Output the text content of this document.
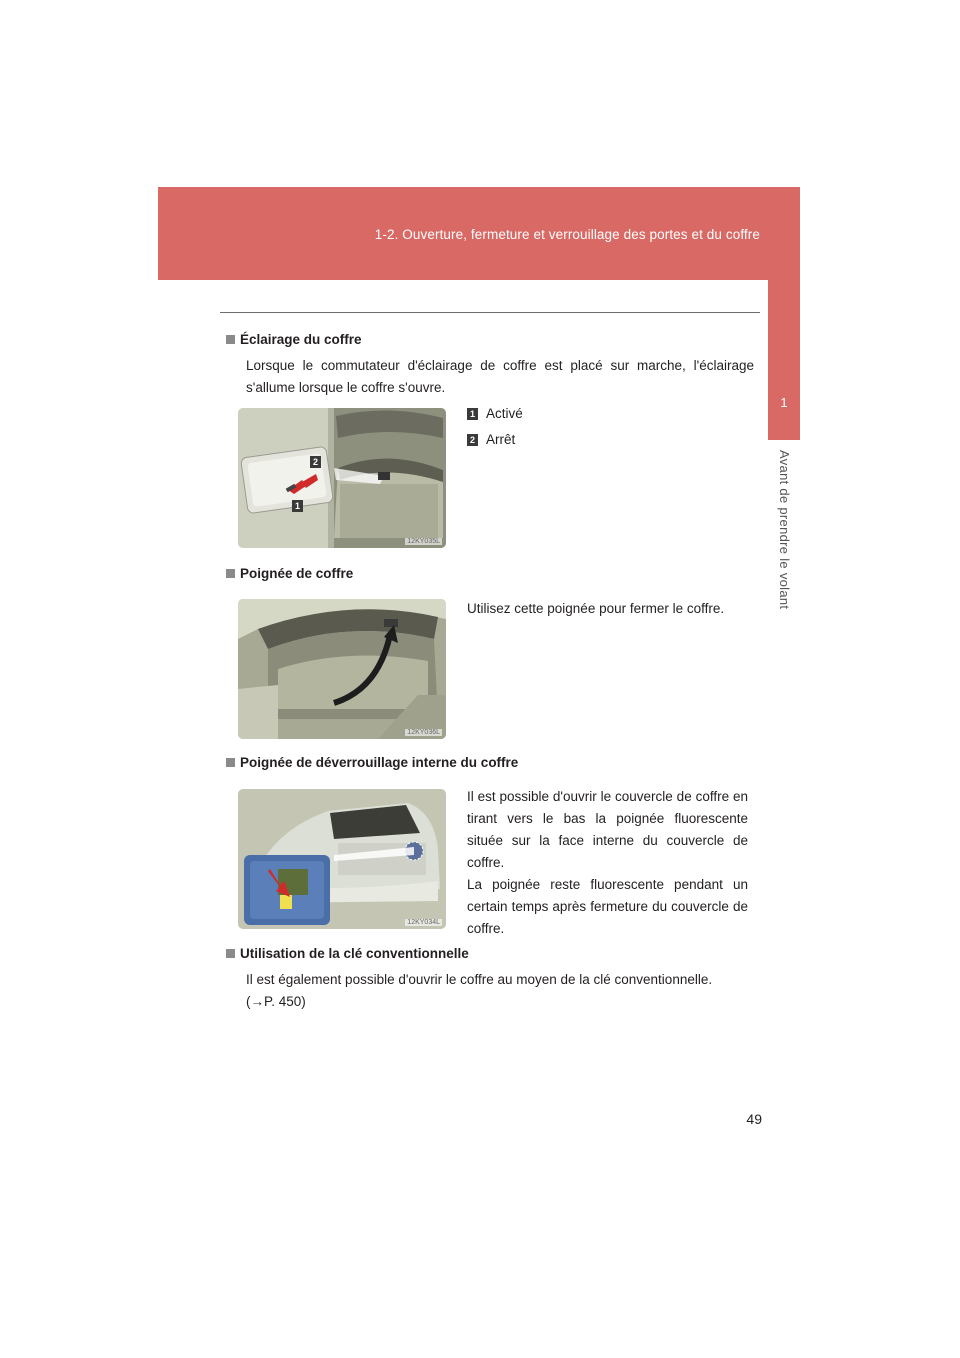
1-2. Ouverture, fermeture et verrouillage des portes et du coffre
1
Avant de prendre le volant
Éclairage du coffre
Lorsque le commutateur d'éclairage de coffre est placé sur marche, l'éclairage s'allume lorsque le coffre s'ouvre.
2
1
12KY035L
1 Activé
2 Arrêt
Poignée de coffre
12KY036L
Utilisez cette poignée pour fermer le coffre.
Poignée de déverrouillage interne du coffre
12KY034L
Il est possible d'ouvrir le couvercle de coffre en tirant vers le bas la poignée fluorescente située sur la face interne du couvercle de coffre.
La poignée reste fluorescente pendant un certain temps après fermeture du couvercle de coffre.
Utilisation de la clé conventionnelle
Il est également possible d'ouvrir le coffre au moyen de la clé conventionnelle.
(→P. 450)
49
